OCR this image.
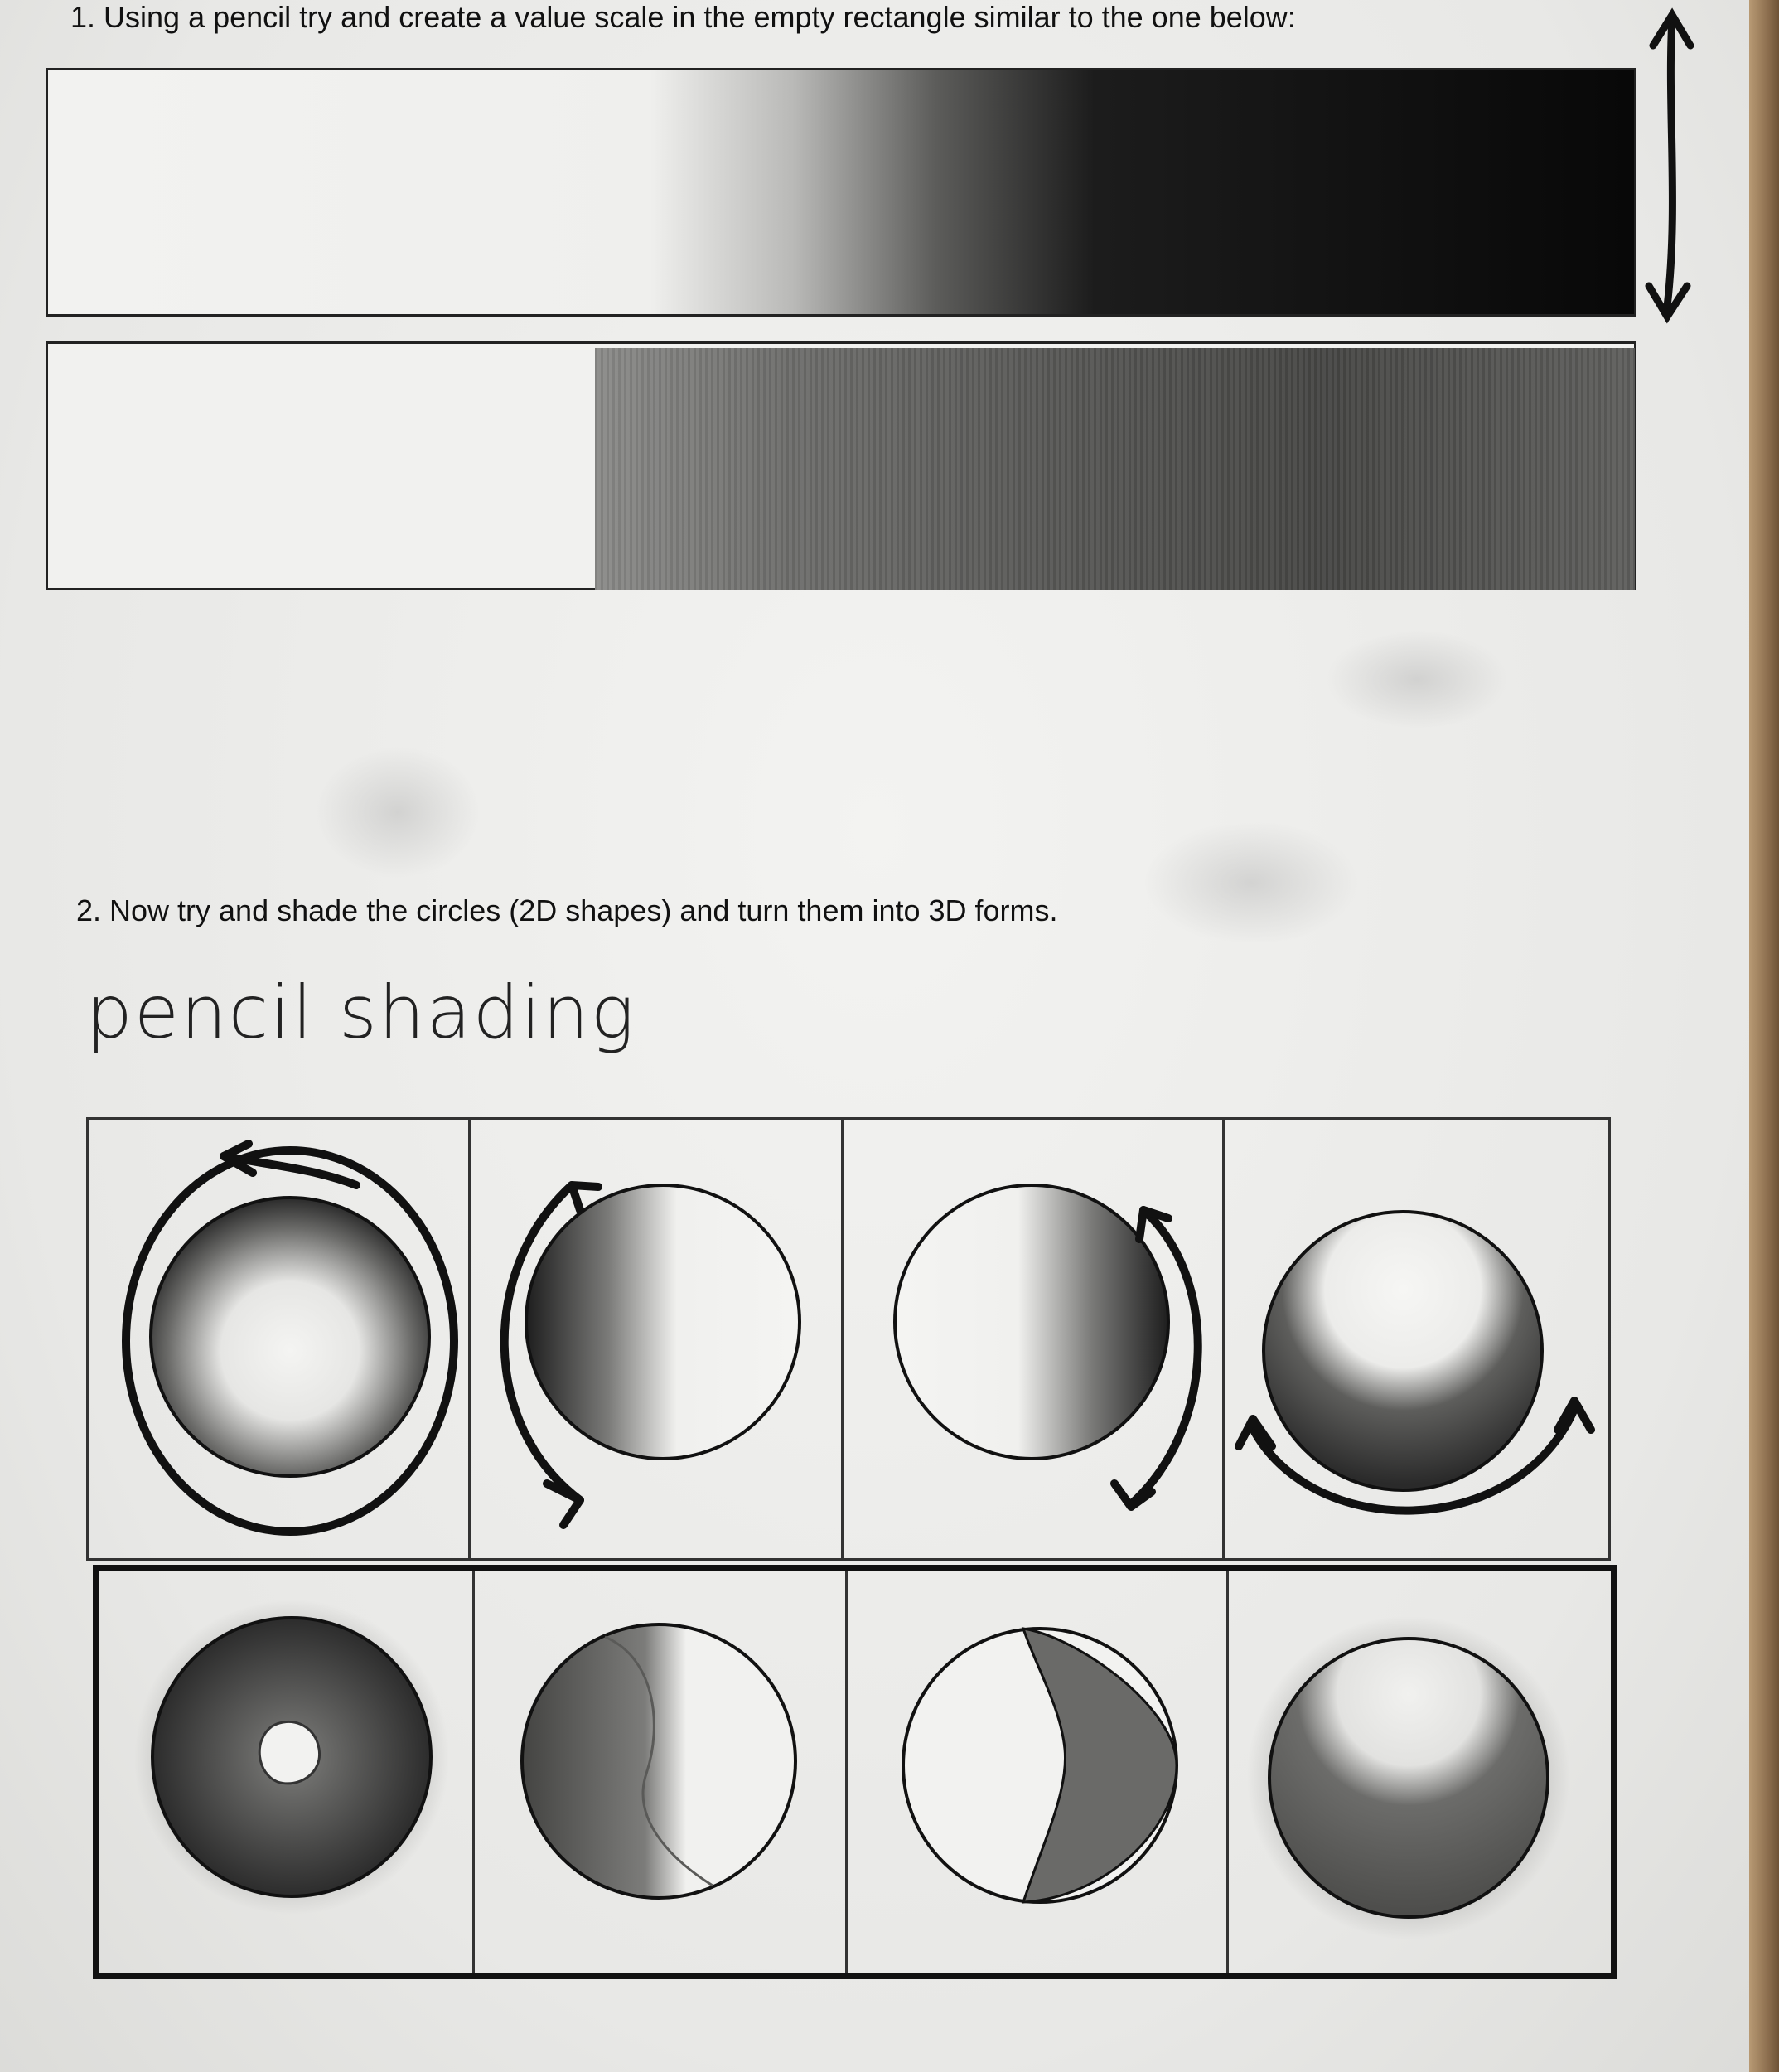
1. Using a pencil try and create a value scale in the empty rectangle similar to the one below:
2. Now try and shade the circles (2D shapes) and turn them into 3D forms.
pencil shading
